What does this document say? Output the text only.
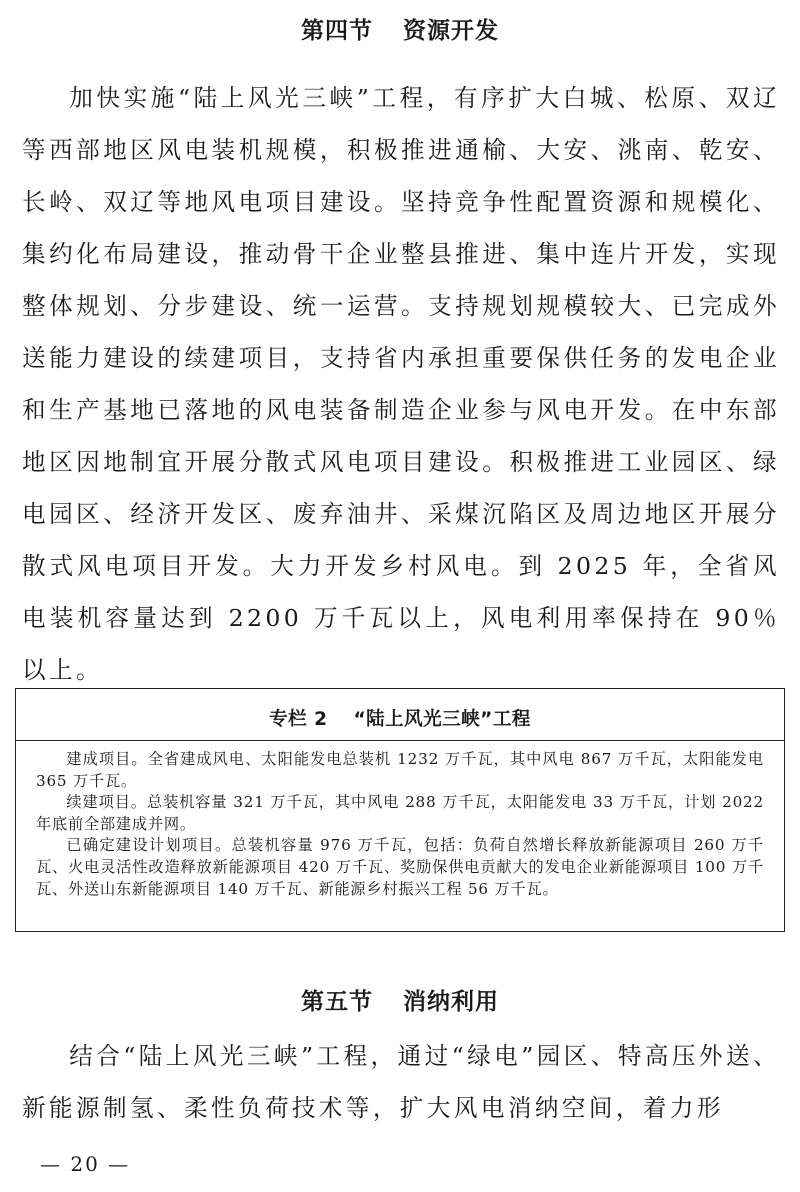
第四节 资源开发

加快实施“陆上风光三峡”工程，有序扩大白城、松原、双辽等西部地区风电装机规模，积极推进通榆、大安、洮南、乾安、长岭、双辽等地风电项目建设。坚持竞争性配置资源和规模化、集约化布局建设，推动骨干企业整县推进、集中连片开发，实现整体规划、分步建设、统一运营。支持规划规模较大、已完成外送能力建设的续建项目，支持省内承担重要保供任务的发电企业和生产基地已落地的风电装备制造企业参与风电开发。在中东部地区因地制宜开展分散式风电项目建设。积极推进工业园区、绿电园区、经济开发区、废弃油井、采煤沉陷区及周边地区开展分散式风电项目开发。大力开发乡村风电。到 2025 年，全省风电装机容量达到 2200 万千瓦以上，风电利用率保持在 90％以上。

专栏 2 “陆上风光三峡”工程

建成项目。全省建成风电、太阳能发电总装机 1232 万千瓦，其中风电 867 万千瓦，太阳能发电 365 万千瓦。

续建项目。总装机容量 321 万千瓦，其中风电 288 万千瓦，太阳能发电 33 万千瓦，计划 2022 年底前全部建成并网。

已确定建设计划项目。总装机容量 976 万千瓦，包括：负荷自然增长释放新能源项目 260 万千瓦、火电灵活性改造释放新能源项目 420 万千瓦、奖励保供电贡献大的发电企业新能源项目 100 万千瓦、外送山东新能源项目 140 万千瓦、新能源乡村振兴工程 56 万千瓦。

第五节 消纳利用

结合“陆上风光三峡”工程，通过“绿电”园区、特高压外送、新能源制氢、柔性负荷技术等，扩大风电消纳空间，着力形

— 20 —
